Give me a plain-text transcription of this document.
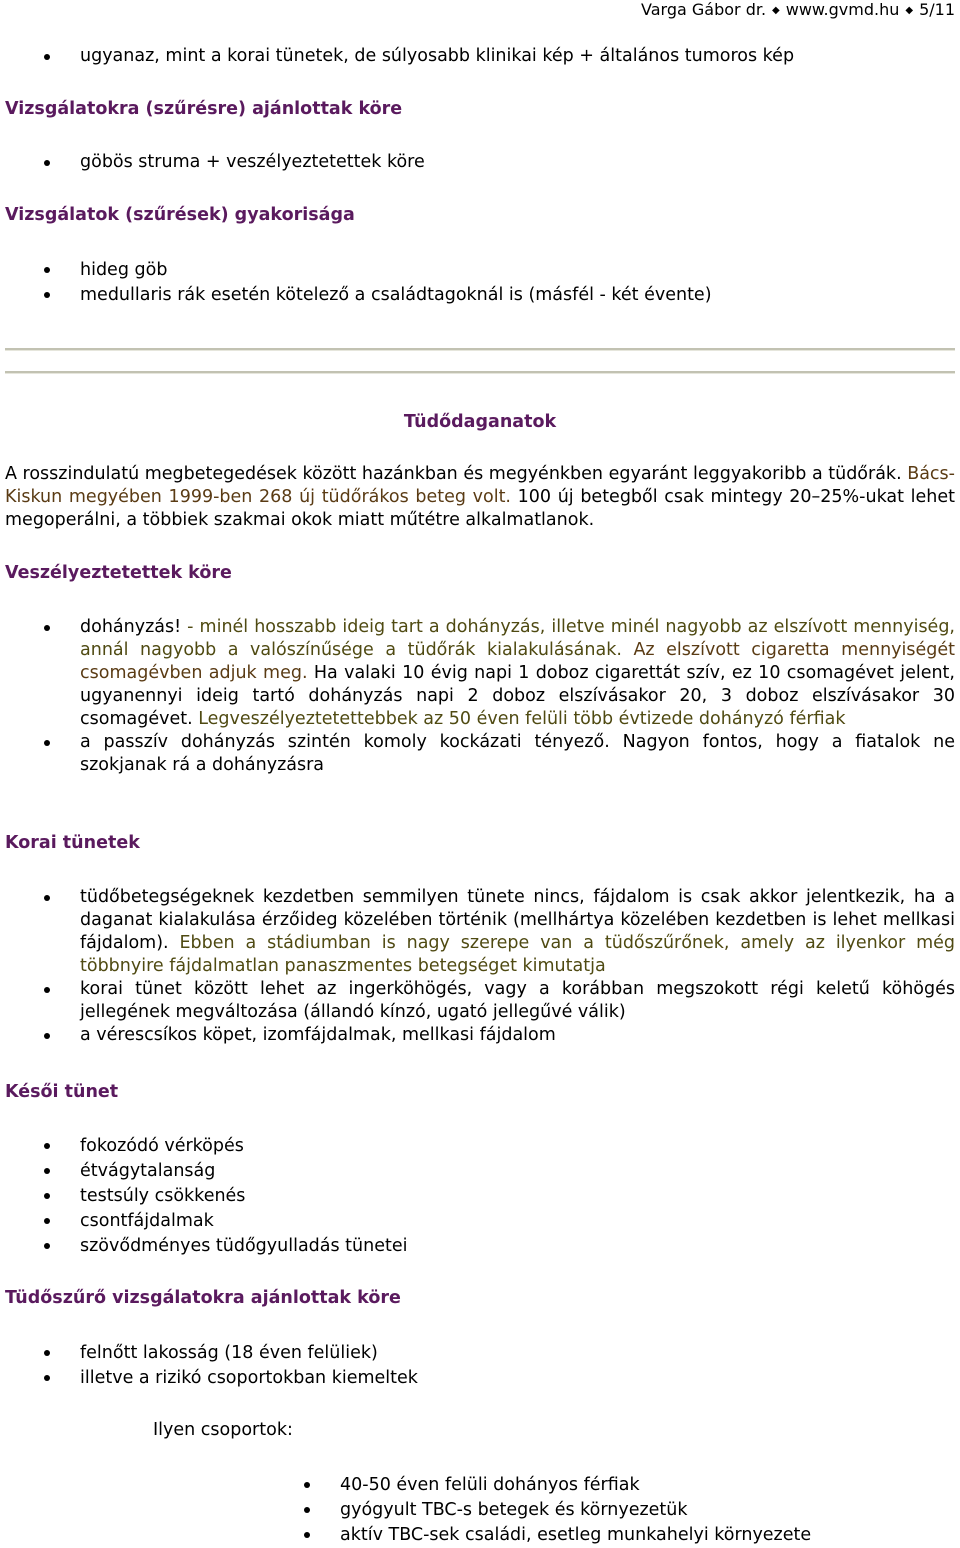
Varga Gábor dr. ◆ www.gvmd.hu ◆ 5/11
ugyanaz, mint a korai tünetek, de súlyosabb klinikai kép + általános tumoros kép
Vizsgálatokra (szűrésre) ajánlottak köre
göbös struma + veszélyeztetettek köre
Vizsgálatok (szűrések) gyakorisága
hideg göb
medullaris rák esetén kötelező a családtagoknál is (másfél - két évente)
Tüdődaganatok

A rosszindulatú megbetegedések között hazánkban és megyénkben egyaránt leggyakoribb a tüdőrák. Bács-Kiskun megyében 1999-ben 268 új tüdőrákos beteg volt. 100 új betegből csak mintegy 20–25%-ukat lehet megoperálni, a többiek szakmai okok miatt műtétre alkalmatlanok.

Veszélyeztetettek köre
dohányzás! - minél hosszabb ideig tart a dohányzás, illetve minél nagyobb az elszívott mennyiség, annál nagyobb a valószínűsége a tüdőrák kialakulásának. Az elszívott cigaretta mennyiségét csomagévben adjuk meg. Ha valaki 10 évig napi 1 doboz cigarettát szív, ez 10 csomagévet jelent, ugyanennyi ideig tartó dohányzás napi 2 doboz elszívásakor 20, 3 doboz elszívásakor 30 csomagévet. Legveszélyeztetettebbek az 50 éven felüli több évtizede dohányzó férfiak
a passzív dohányzás szintén komoly kockázati tényező. Nagyon fontos, hogy a fiatalok ne szokjanak rá a dohányzásra
Korai tünetek
tüdőbetegségeknek kezdetben semmilyen tünete nincs, fájdalom is csak akkor jelentkezik, ha a daganat kialakulása érzőideg közelében történik (mellhártya közelében kezdetben is lehet mellkasi fájdalom). Ebben a stádiumban is nagy szerepe van a tüdőszűrőnek, amely az ilyenkor még többnyire fájdalmatlan panaszmentes betegséget kimutatja
korai tünet között lehet az ingerköhögés, vagy a korábban megszokott régi keletű köhögés jellegének megváltozása (állandó kínzó, ugató jellegűvé válik)
a vérescsíkos köpet, izomfájdalmak, mellkasi fájdalom
Késői tünet
fokozódó vérköpés
étvágytalanság
testsúly csökkenés
csontfájdalmak
szövődményes tüdőgyulladás tünetei
Tüdőszűrő vizsgálatokra ajánlottak köre
felnőtt lakosság (18 éven felüliek)
illetve a rizikó csoportokban kiemeltek

Ilyen csoportok:

40-50 éven felüli dohányos férfiak
gyógyult TBC-s betegek és környezetük
aktív TBC-sek családi, esetleg munkahelyi környezete
